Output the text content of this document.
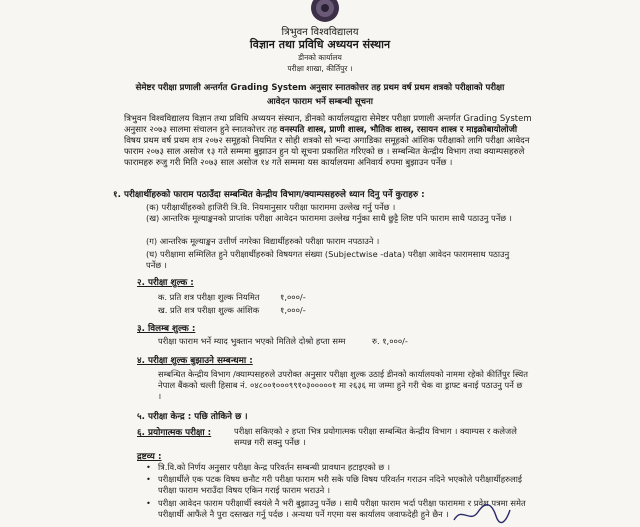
त्रिभुवन विश्वविद्यालय
विज्ञान तथा प्रविधि अध्ययन संस्थान
डीनको कार्यालय
परीक्षा शाखा, कीर्तिपुर ।
सेमेष्टर परीक्षा प्रणाली अन्तर्गत Grading System अनुसार स्नातकोत्तर तह प्रथम वर्ष प्रथम शत्रको परीक्षाको परीक्षा
आवेदन फाराम भर्ने सम्बन्धी सूचना
त्रिभुवन विश्वविद्यालय विज्ञान तथा प्रविधि अध्ययन संस्थान, डीनको कार्यालयद्वारा सेमेष्टर परीक्षा प्रणाली अन्तर्गत Grading System अनुसार २०७३ सालमा संचालन हुने स्नातकोत्तर तह वनस्पति शास्त्र, प्राणी शास्त्र, भौतिक शास्त्र, रसायन शास्त्र र माइक्रोबायोलोजी विषय प्रथम वर्ष प्रथम शत्र २०७२ समूहको नियमित र सोही शत्रको सो भन्दा अगाडिका समूहको आंशिक परीक्षाको लागि परीक्षा आवेदन फाराम २०७३ साल असोज १३ गते सम्ममा बुझाउन हुन यो सूचना प्रकाशित गरिएको छ । सम्बन्धित केन्द्रीय विभाग तथा क्याम्पसहरुले फारामहरु रुजु गरी मिति २०७३ साल असोज १४ गते सम्ममा यस कार्यालयमा अनिवार्य रुपमा बुझाउन पर्नेछ ।
१. परीक्षार्थीहरुको फाराम पठाउँदा सम्बन्धित केन्द्रीय विभाग/क्याम्पसहरुले ध्यान दिनु पर्ने कुराहरु :
(क) परीक्षार्थीहरुको हाजिरी त्रि.वि. नियमानुसार परीक्षा फाराममा उल्लेख गर्नु पर्नेछ ।
(ख) आन्तरिक मूल्याङ्कनको प्राप्तांक परीक्षा आवेदन फाराममा उल्लेख गर्नुका साथै छुट्टै लिष्ट पनि फाराम साथै पठाउनु पर्नेछ ।
(ग) आन्तरिक मूल्याङ्कन उत्तीर्ण नगरेका विद्यार्थीहरुको परीक्षा फाराम नपठाउने ।
(घ) परीक्षामा सम्मिलित हुने परीक्षार्थीहरुको विषयगत संख्या (Subjectwise -data) परीक्षा आवेदन फारामसाथ पठाउनु पर्नेछ ।
२. परीक्षा शुल्क :
क. प्रति शत्र परीक्षा शुल्क नियमित १,०००/-
ख. प्रति शत्र परीक्षा शुल्क आंशिक	१,०००/-
३. विलम्ब शुल्क :
परीक्षा फाराम भर्ने म्याद भुक्तान भएको मितिले दोश्रो हप्ता सम्म	रु. १,०००/-
४. परीक्षा शुल्क बुझाउने सम्बन्धमा :
सम्बन्धित केन्द्रीय विभाग /क्याम्पसहरुले उपरोक्त अनुसार परीक्षा शुल्क उठाई डीनको कार्यालयको नाममा रहेको कीर्तिपुर स्थित नेपाल बैंकको चल्ती हिसाब नं. ०४८००१०००९९१०३०००००१ मा २६३६ मा जम्मा हुने गरी चेक वा ड्राफ्ट बनाई पठाउनु पर्ने छ ।
५. परीक्षा केन्द्र : पछि तोकिने छ ।
६. प्रयोगात्मक परीक्षा :	परीक्षा सकिएको २ हप्ता भित्र प्रयोगात्मक परीक्षा सम्बन्धित केन्द्रीय विभाग । क्याम्पस र कलेजले सम्पन्न गरी सक्नु पर्नेछ ।
द्रष्टव्य :
• त्रि.वि.को निर्णय अनुसार परीक्षा केन्द्र परिवर्तन सम्बन्धी प्रावधान हटाइएको छ ।
• परीक्षार्थीले एक पटक विषय छनौट गरी परीक्षा फाराम भरी सके पछि विषय परिवर्तन गराउन नदिने भएकोले परीक्षार्थीहरुलाई परीक्षा फाराम भराउँदा विषय एकिन गराई फाराम भराउने ।
• परीक्षा आवेदन फाराम परीक्षार्थी स्वयंले नै भरी बुझाउनु पर्नेछ । साथै परीक्षा फाराम भर्दा परीक्षा फाराममा र प्रवेश पत्रमा समेत परीक्षार्थी आफैंले नै पुरा दस्तखत गर्नु पर्दछ । अन्यथा पर्ने गएमा यस कार्यालय जवाफदेही हुने छैन ।
